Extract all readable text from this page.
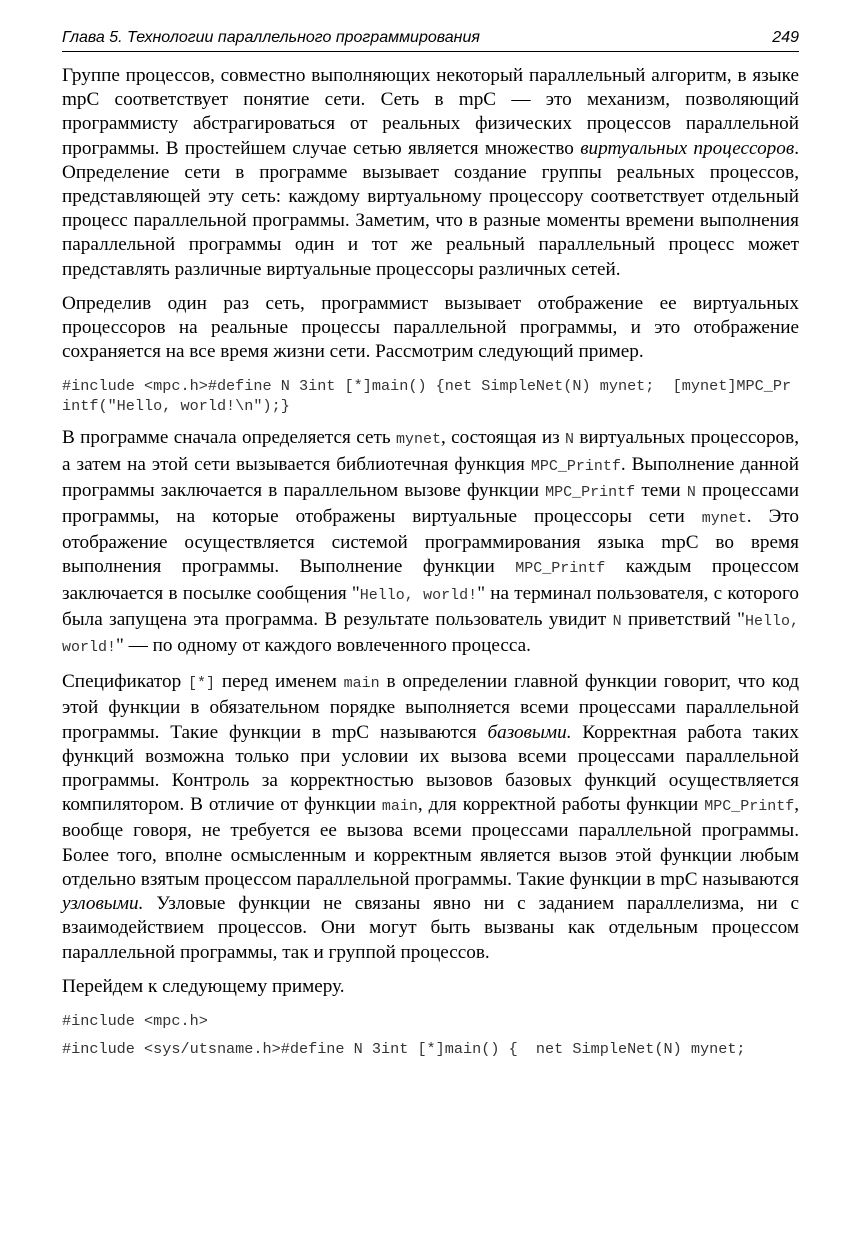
Глава 5. Технологии параллельного программирования	249

Группе процессов, совместно выполняющих некоторый параллельный алгоритм, в языке mpC соответствует понятие сети. Сеть в mpC — это механизм, позволяющий программисту абстрагироваться от реальных физических процессов параллельной программы. В простейшем случае сетью является множество виртуальных процессоров. Определение сети в программе вызывает создание группы реальных процессов, представляющей эту сеть: каждому виртуальному процессору соответствует отдельный процесс параллельной программы. Заметим, что в разные моменты времени выполнения параллельной программы один и тот же реальный параллельный процесс может представлять различные виртуальные процессоры различных сетей.

Определив один раз сеть, программист вызывает отображение ее виртуальных процессоров на реальные процессы параллельной программы, и это отображение сохраняется на все время жизни сети. Рассмотрим следующий пример.

#include <mpc.h>#define N 3int [*]main() {net SimpleNet(N) mynet;  [mynet]MPC_Printf("Hello, world!\n");}

В программе сначала определяется сеть mynet, состоящая из N виртуальных процессоров, а затем на этой сети вызывается библиотечная функция MPC_Printf. Выполнение данной программы заключается в параллельном вызове функции MPC_Printf теми N процессами программы, на которые отображены виртуальные процессоры сети mynet. Это отображение осуществляется системой программирования языка mpC во время выполнения программы. Выполнение функции MPC_Printf каждым процессом заключается в посылке сообщения "Hello, world!" на терминал пользователя, с которого была запущена эта программа. В результате пользователь увидит N приветствий "Hello, world!" — по одному от каждого вовлеченного процесса.

Спецификатор [*] перед именем main в определении главной функции говорит, что код этой функции в обязательном порядке выполняется всеми процессами параллельной программы. Такие функции в mpC называются базовыми. Корректная работа таких функций возможна только при условии их вызова всеми процессами параллельной программы. Контроль за корректностью вызовов базовых функций осуществляется компилятором. В отличие от функции main, для корректной работы функции MPC_Printf, вообще говоря, не требуется ее вызова всеми процессами параллельной программы. Более того, вполне осмысленным и корректным является вызов этой функции любым отдельно взятым процессом параллельной программы. Такие функции в mpC называются узловыми. Узловые функции не связаны явно ни с заданием параллелизма, ни с взаимодействием процессов. Они могут быть вызваны как отдельным процессом параллельной программы, так и группой процессов.

Перейдем к следующему примеру.

#include <mpc.h>
#include <sys/utsname.h>#define N 3int [*]main() {  net SimpleNet(N) mynet;
